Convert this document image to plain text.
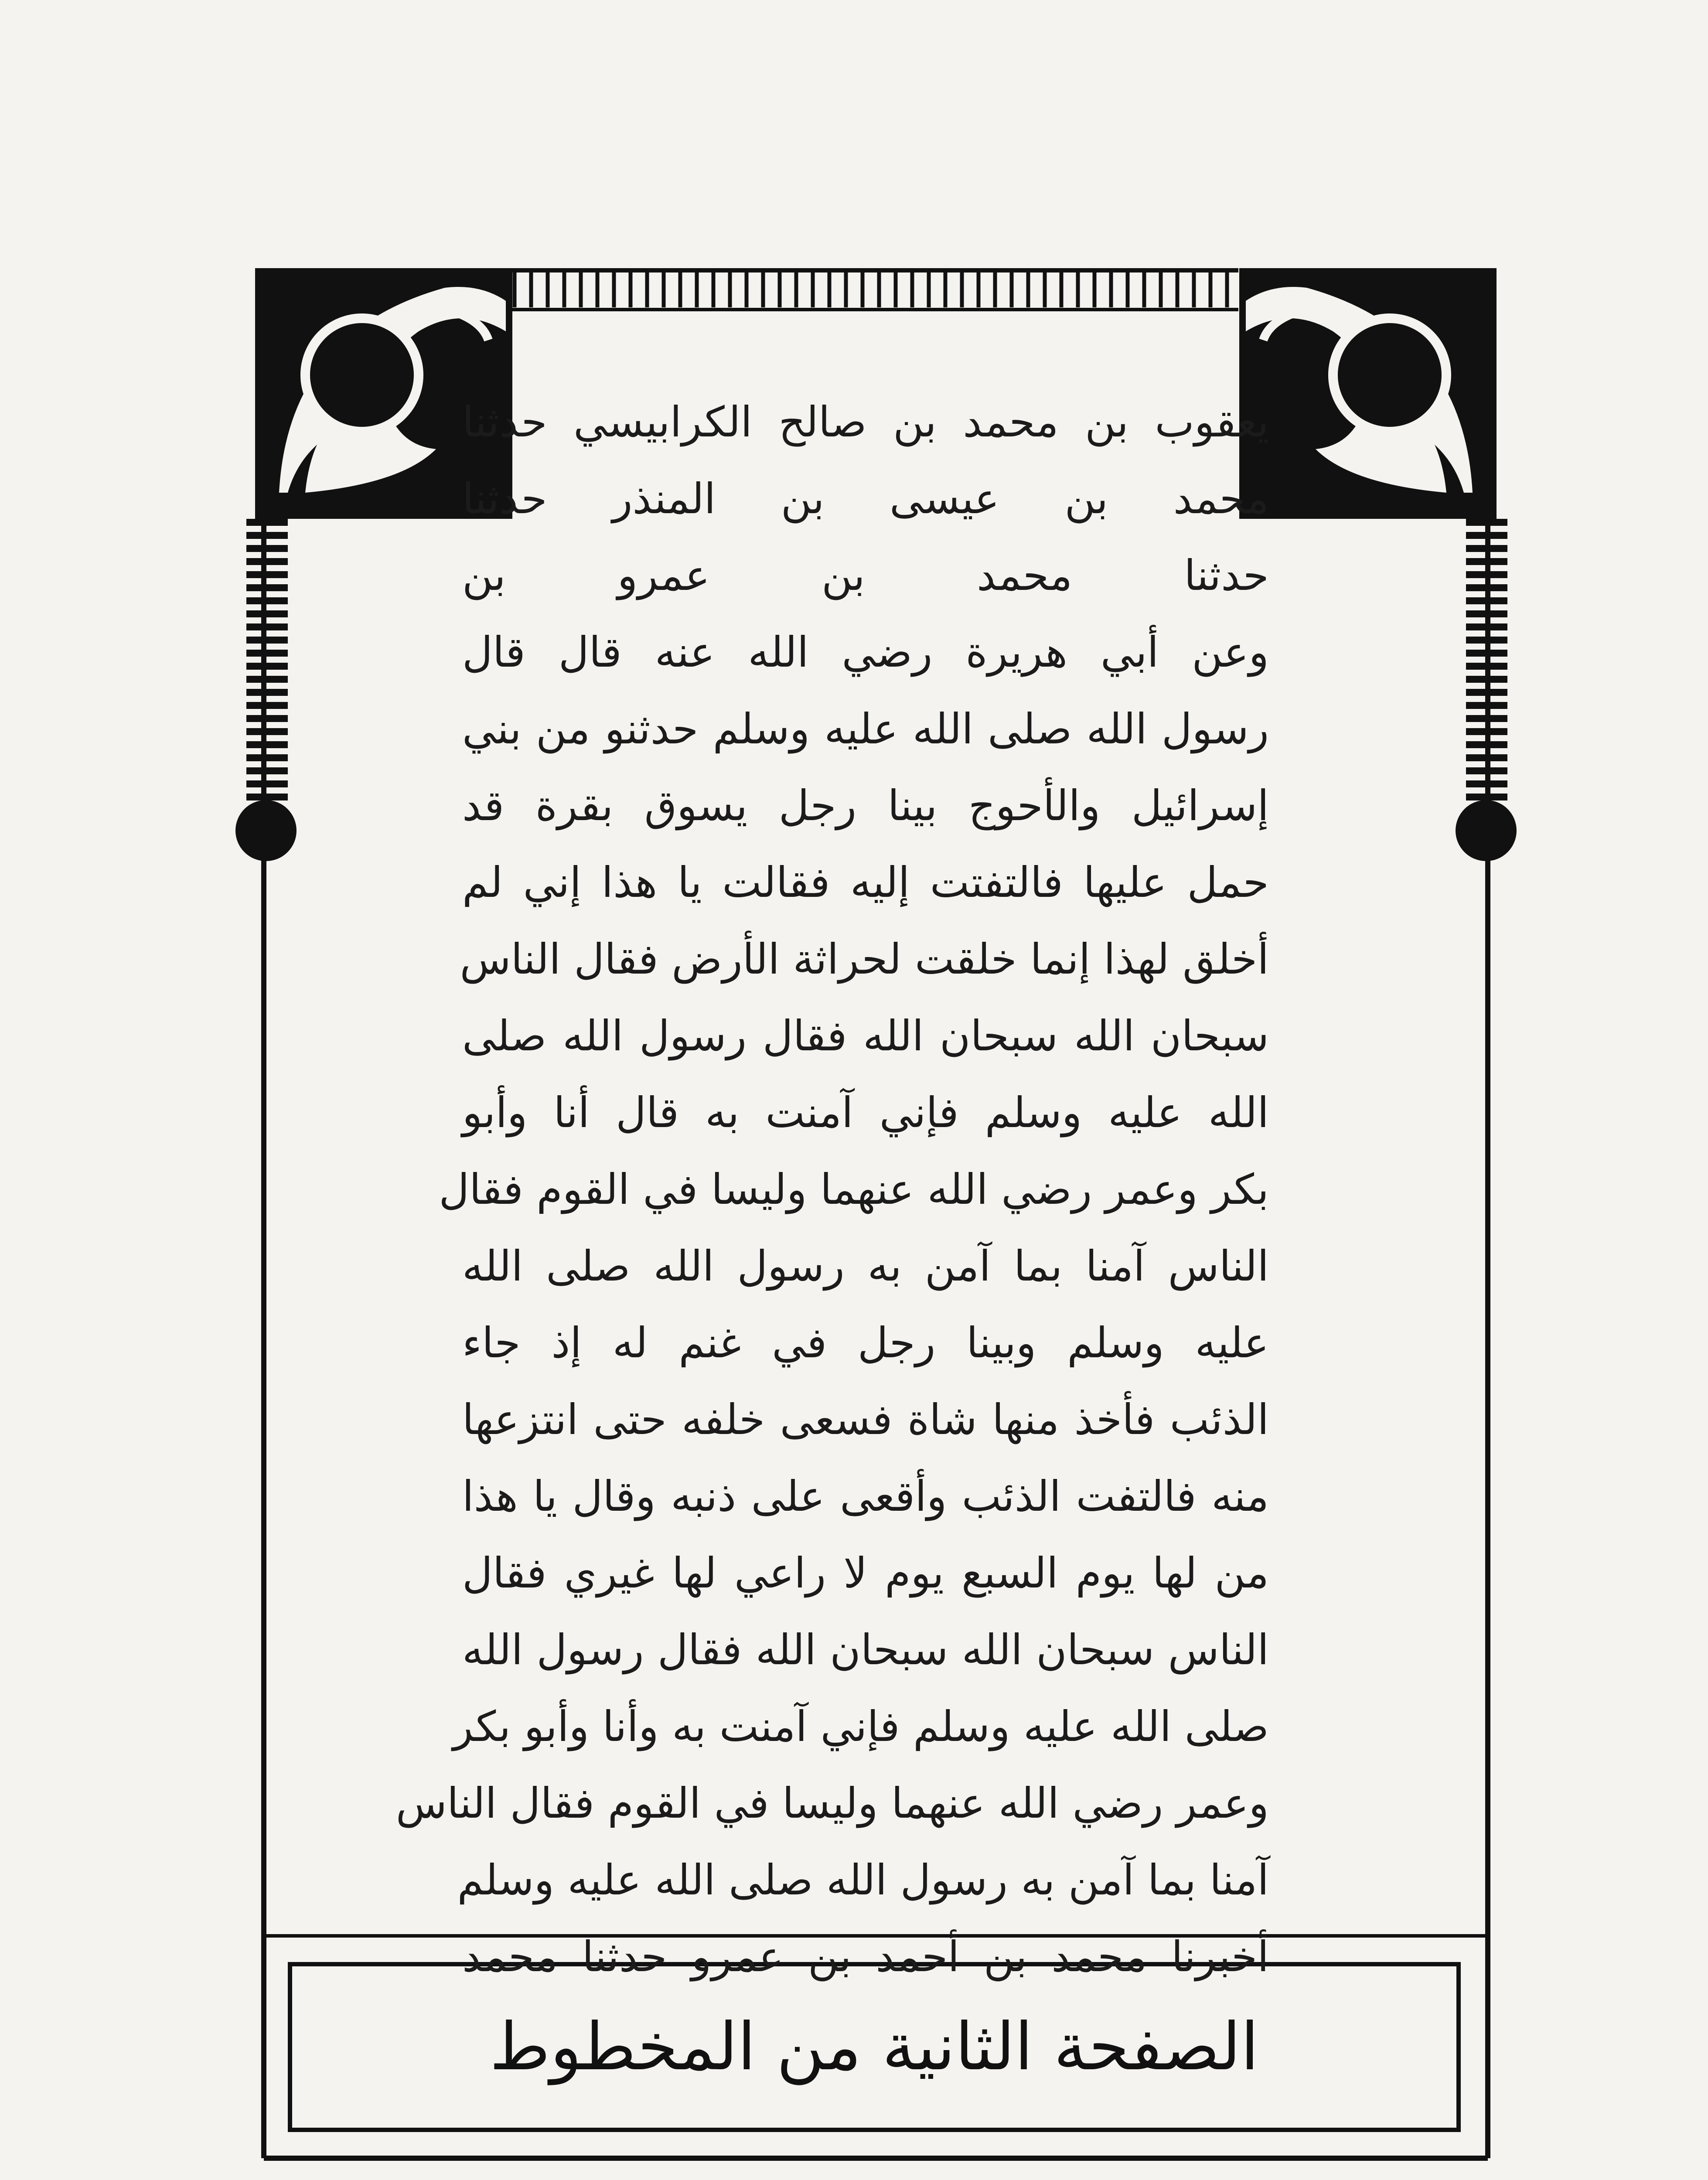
يعقوب بن محمد بن صالح الكرابيسي حدثنا
محمد بن عيسى بن المنذر حدثنا
حدثنا محمد بن عمرو بن
وعن أبي هريرة رضي الله عنه قال قال
رسول الله صلى الله عليه وسلم حدثنو من بني
إسرائيل والأحوج بينا رجل يسوق بقرة قد
حمل عليها فالتفتت إليه فقالت يا هذا إني لم
أخلق لهذا إنما خلقت لحراثة الأرض فقال الناس
سبحان الله سبحان الله فقال رسول الله صلى
الله عليه وسلم فإني آمنت به قال أنا وأبو
بكر وعمر رضي الله عنهما وليسا في القوم فقال
الناس آمنا بما آمن به رسول الله صلى الله
عليه وسلم وبينا رجل في غنم له إذ جاء
الذئب فأخذ منها شاة فسعى خلفه حتى انتزعها
منه فالتفت الذئب وأقعى على ذنبه وقال يا هذا
من لها يوم السبع يوم لا راعي لها غيري فقال
الناس سبحان الله سبحان الله فقال رسول الله
صلى الله عليه وسلم فإني آمنت به وأنا وأبو بكر
وعمر رضي الله عنهما وليسا في القوم فقال الناس
آمنا بما آمن به رسول الله صلى الله عليه وسلم
أخبرنا محمد بن أحمد بن عمرو حدثنا محمد
الصفحة الثانية من المخطوط
